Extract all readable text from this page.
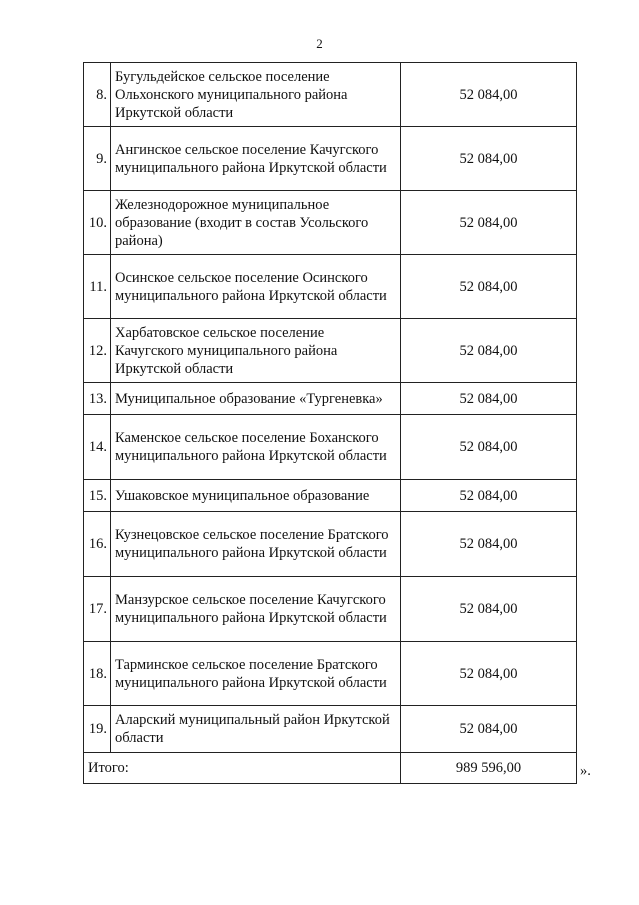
2
8.	Бугульдейское сельское поселение Ольхонского муниципального района Иркутской области	52 084,00
9.	Ангинское сельское поселение Качугского муниципального района Иркутской области	52 084,00
10.	Железнодорожное муниципальное образование (входит в состав Усольского района)	52 084,00
11.	Осинское сельское поселение Осинского муниципального района Иркутской области	52 084,00
12.	Харбатовское сельское поселение Качугского муниципального района Иркутской области	52 084,00
13.	Муниципальное образование «Тургеневка»	52 084,00
14.	Каменское сельское поселение Боханского муниципального района Иркутской области	52 084,00
15.	Ушаковское муниципальное образование	52 084,00
16.	Кузнецовское сельское поселение Братского муниципального района Иркутской области	52 084,00
17.	Манзурское сельское поселение Качугского муниципального района Иркутской области	52 084,00
18.	Тарминское сельское поселение Братского муниципального района Иркутской области	52 084,00
19.	Аларский муниципальный район Иркутской области	52 084,00
Итого:		989 596,00	».
